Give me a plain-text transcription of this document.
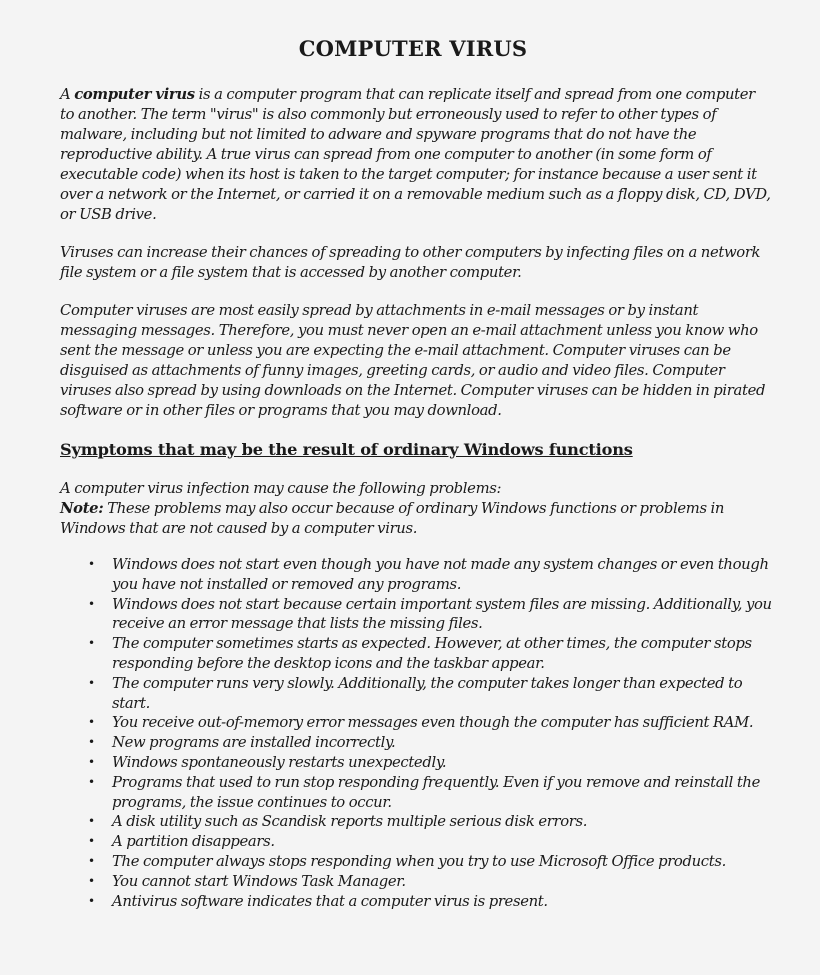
COMPUTER VIRUS

A computer virus is a computer program that can replicate itself and spread from one computer to another. The term "virus" is also commonly but erroneously used to refer to other types of malware, including but not limited to adware and spyware programs that do not have the reproductive ability. A true virus can spread from one computer to another (in some form of executable code) when its host is taken to the target computer; for instance because a user sent it over a network or the Internet, or carried it on a removable medium such as a floppy disk, CD, DVD, or USB drive.

Viruses can increase their chances of spreading to other computers by infecting files on a network file system or a file system that is accessed by another computer.

Computer viruses are most easily spread by attachments in e-mail messages or by instant messaging messages. Therefore, you must never open an e-mail attachment unless you know who sent the message or unless you are expecting the e-mail attachment. Computer viruses can be disguised as attachments of funny images, greeting cards, or audio and video files. Computer viruses also spread by using downloads on the Internet. Computer viruses can be hidden in pirated software or in other files or programs that you may download.

Symptoms that may be the result of ordinary Windows functions
A computer virus infection may cause the following problems:
Note: These problems may also occur because of ordinary Windows functions or problems in Windows that are not caused by a computer virus.
• Windows does not start even though you have not made any system changes or even though you have not installed or removed any programs.
• Windows does not start because certain important system files are missing. Additionally, you receive an error message that lists the missing files.
• The computer sometimes starts as expected. However, at other times, the computer stops responding before the desktop icons and the taskbar appear.
• The computer runs very slowly. Additionally, the computer takes longer than expected to start.
• You receive out-of-memory error messages even though the computer has sufficient RAM.
• New programs are installed incorrectly.
• Windows spontaneously restarts unexpectedly.
• Programs that used to run stop responding frequently. Even if you remove and reinstall the programs, the issue continues to occur.
• A disk utility such as Scandisk reports multiple serious disk errors.
• A partition disappears.
• The computer always stops responding when you try to use Microsoft Office products.
• You cannot start Windows Task Manager.
• Antivirus software indicates that a computer virus is present.
